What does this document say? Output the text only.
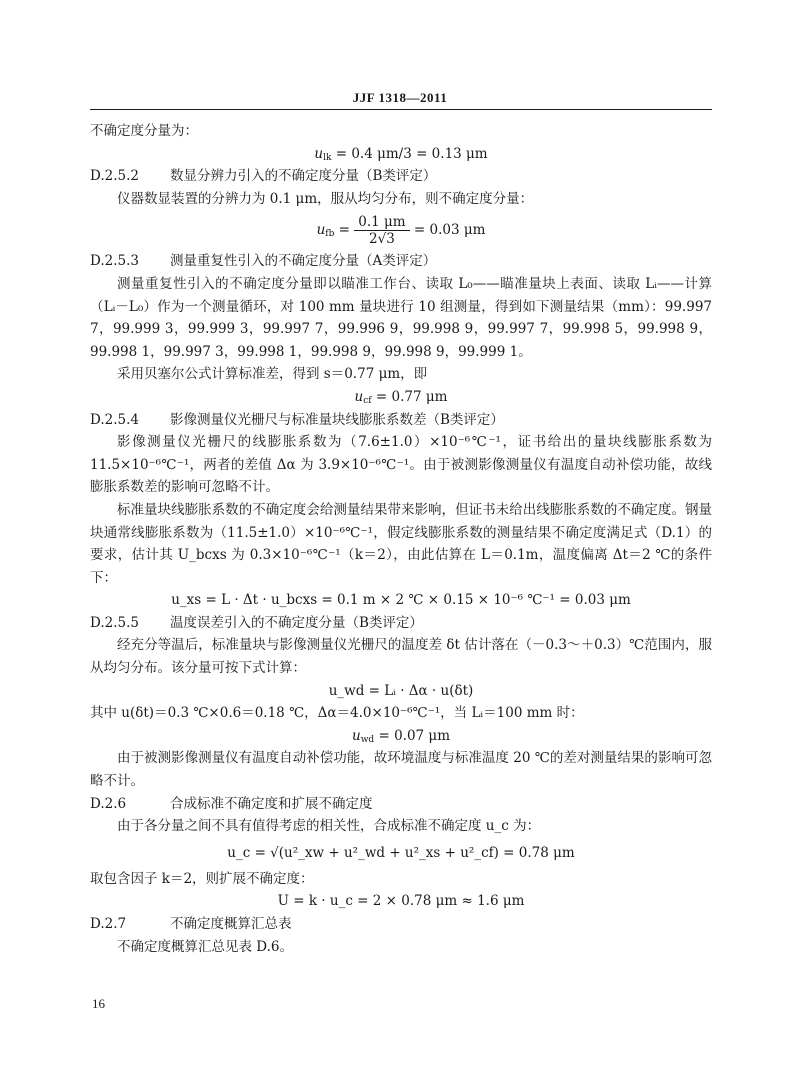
JJF 1318—2011

不确定度分量为：

$u_{lk} = 0.4$ μm/3 = 0.13 μm

D.2.5.2 数显分辨力引入的不确定度分量（B类评定）

仪器数显装置的分辨力为 0.1 μm，服从均匀分布，则不确定度分量：

$u_{fb} = \frac{0.1 \mu m}{2√3} = 0.03$ μm

D.2.5.3 测量重复性引入的不确定度分量（A类评定）

测量重复性引入的不确定度分量即以瞄准工作台、读取 L₀——瞄准量块上表面、读取 Lᵢ——计算（Lᵢ－L₀）作为一个测量循环，对 100 mm 量块进行 10 组测量，得到如下测量结果（mm）：99.997 7，99.999 3，99.999 3，99.997 7，99.996 9，99.998 9，99.997 7，99.998 5，99.998 9，99.998 1，99.997 3，99.998 1，99.998 9，99.998 9，99.999 1。

采用贝塞尔公式计算标准差，得到 s＝0.77 μm，即

$u_{cf} = 0.77$ μm

D.2.5.4 影像测量仪光栅尺与标准量块线膨胀系数差（B类评定）

影像测量仪光栅尺的线膨胀系数为（7.6±1.0）×10⁻⁶℃⁻¹，证书给出的量块线膨胀系数为 11.5×10⁻⁶℃⁻¹，两者的差值 Δα 为 3.9×10⁻⁶℃⁻¹。由于被测影像测量仪有温度自动补偿功能，故线膨胀系数差的影响可忽略不计。

标准量块线膨胀系数的不确定度会给测量结果带来影响，但证书未给出线膨胀系数的不确定度。钢量块通常线膨胀系数为（11.5±1.0）×10⁻⁶℃⁻¹，假定线膨胀系数的测量结果不确定度满足式（D.1）的要求，估计其 U_bcxs 为 0.3×10⁻⁶℃⁻¹（k＝2），由此估算在 L＝0.1m，温度偏离 Δt＝2 ℃的条件下：

u_xs = L · Δt · u_bcxs = 0.1 m × 2 ℃ × 0.15 × 10⁻⁶ ℃⁻¹ = 0.03 μm

D.2.5.5 温度误差引入的不确定度分量（B类评定）

经充分等温后，标准量块与影像测量仪光栅尺的温度差 δt 估计落在（－0.3～＋0.3）℃范围内，服从均匀分布。该分量可按下式计算：

u_wd = Lᵢ · Δα · u(δt)

其中 u(δt)＝0.3 ℃×0.6＝0.18 ℃，Δα＝4.0×10⁻⁶℃⁻¹，当 Lᵢ＝100 mm 时：

$u_{wd} = 0.07$ μm

由于被测影像测量仪有温度自动补偿功能，故环境温度与标准温度 20 ℃的差对测量结果的影响可忽略不计。

D.2.6	合成标准不确定度和扩展不确定度

由于各分量之间不具有值得考虑的相关性，合成标准不确定度 u_c 为：

u_c = √(u²_xw + u²_wd + u²_xs + u²_cf) = 0.78 μm

取包含因子 k＝2，则扩展不确定度：

U = k · u_c = 2 × 0.78 μm ≈ 1.6 μm

D.2.7	不确定度概算汇总表

不确定度概算汇总见表 D.6。

16
